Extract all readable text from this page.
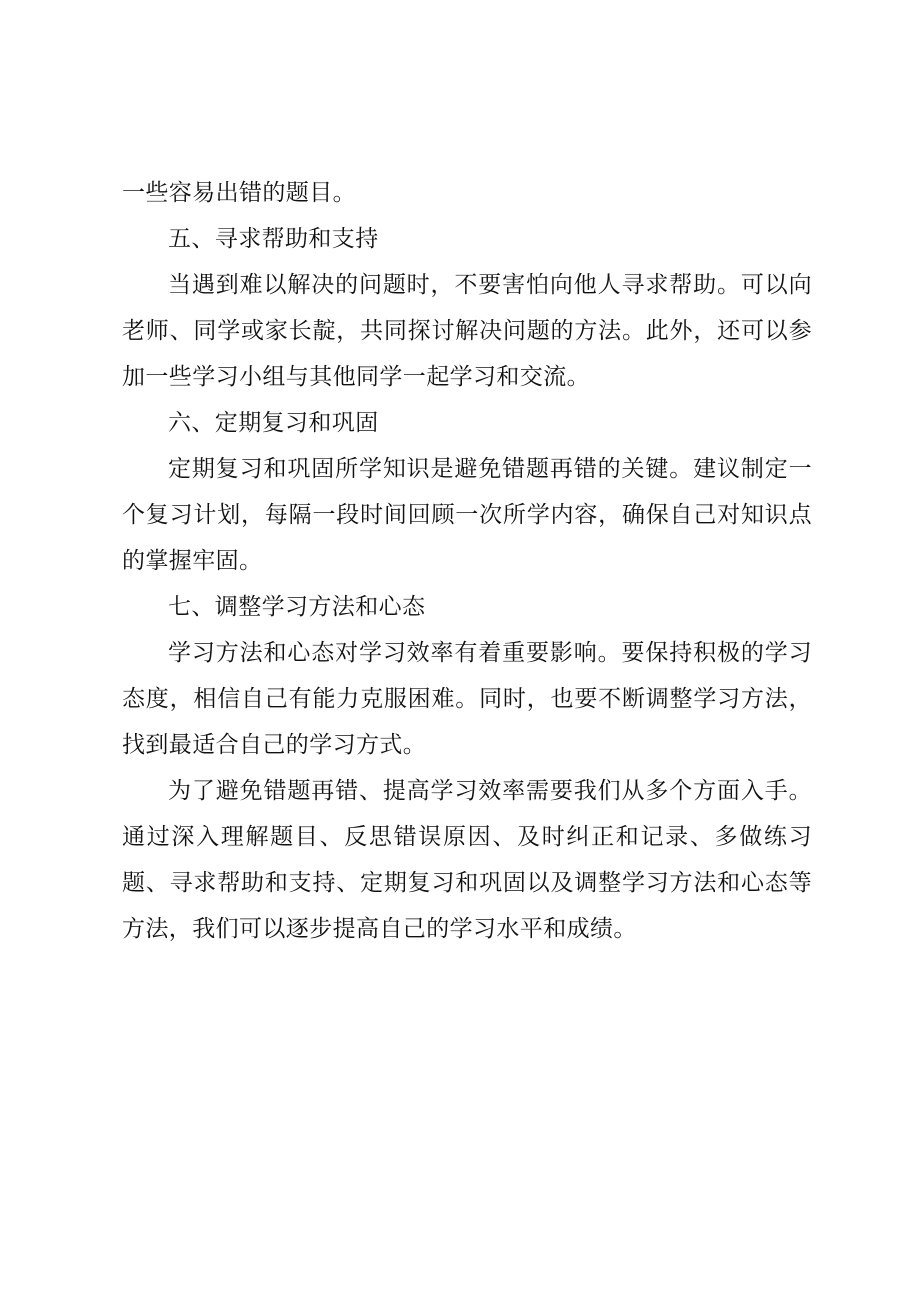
一些容易出错的题目。

五、寻求帮助和支持

当遇到难以解决的问题时，不要害怕向他人寻求帮助。可以向老师、同学或家长靛，共同探讨解决问题的方法。此外，还可以参加一些学习小组与其他同学一起学习和交流。

六、定期复习和巩固

定期复习和巩固所学知识是避免错题再错的关键。建议制定一个复习计划，每隔一段时间回顾一次所学内容，确保自己对知识点的掌握牢固。

七、调整学习方法和心态

学习方法和心态对学习效率有着重要影响。要保持积极的学习态度，相信自己有能力克服困难。同时，也要不断调整学习方法，找到最适合自己的学习方式。

为了避免错题再错、提高学习效率需要我们从多个方面入手。通过深入理解题目、反思错误原因、及时纠正和记录、多做练习题、寻求帮助和支持、定期复习和巩固以及调整学习方法和心态等方法，我们可以逐步提高自己的学习水平和成绩。
